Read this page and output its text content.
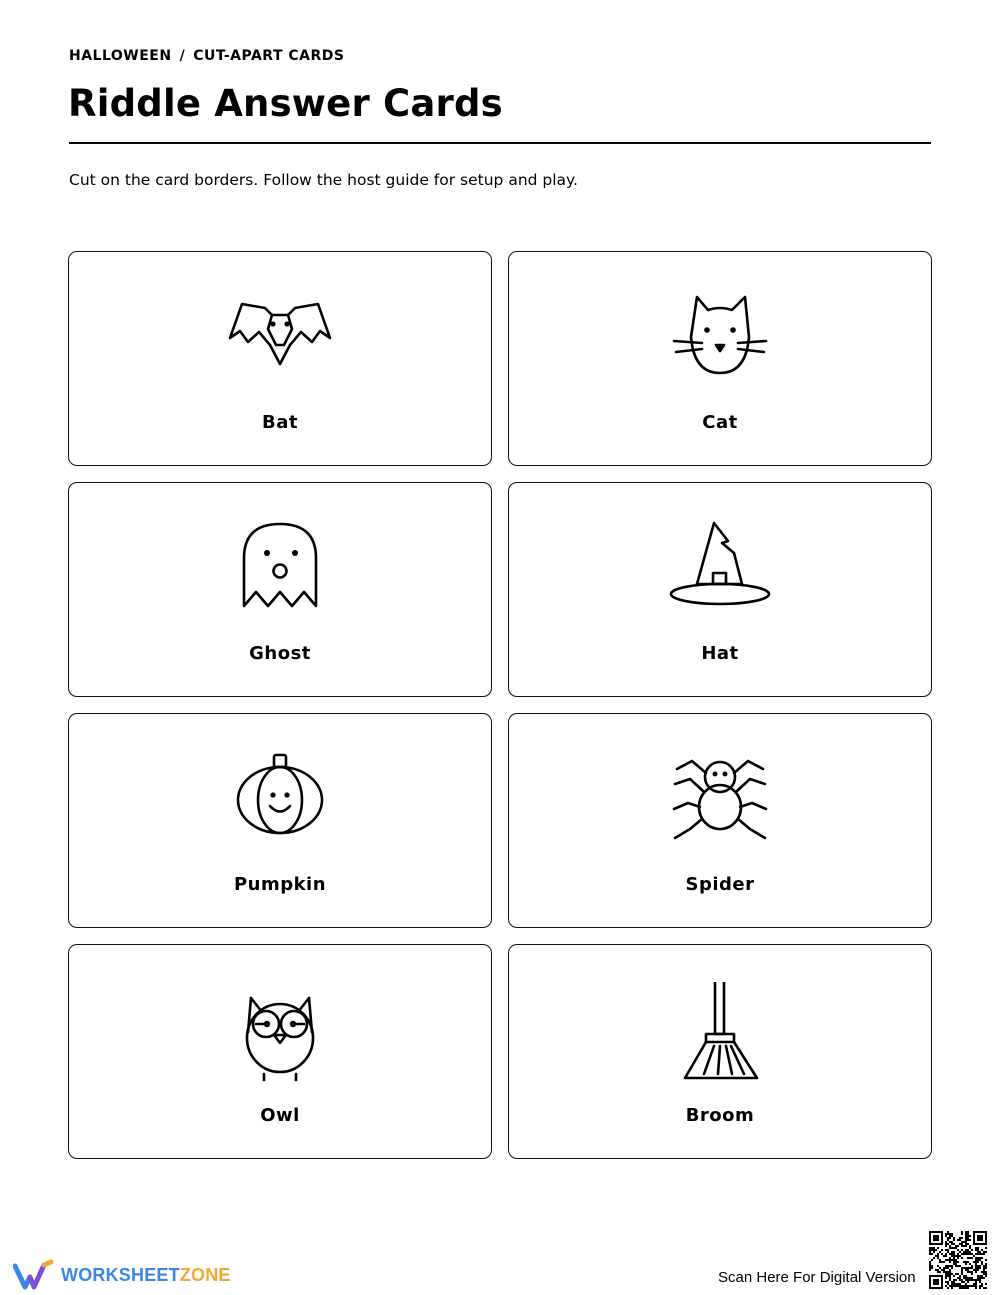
HALLOWEEN / CUT-APART CARDS
Riddle Answer Cards
Cut on the card borders. Follow the host guide for setup and play.
Bat	Cat
Ghost	Hat
Pumpkin	Spider
Owl	Broom
WORKSHEETZONE	Scan Here For Digital Version
